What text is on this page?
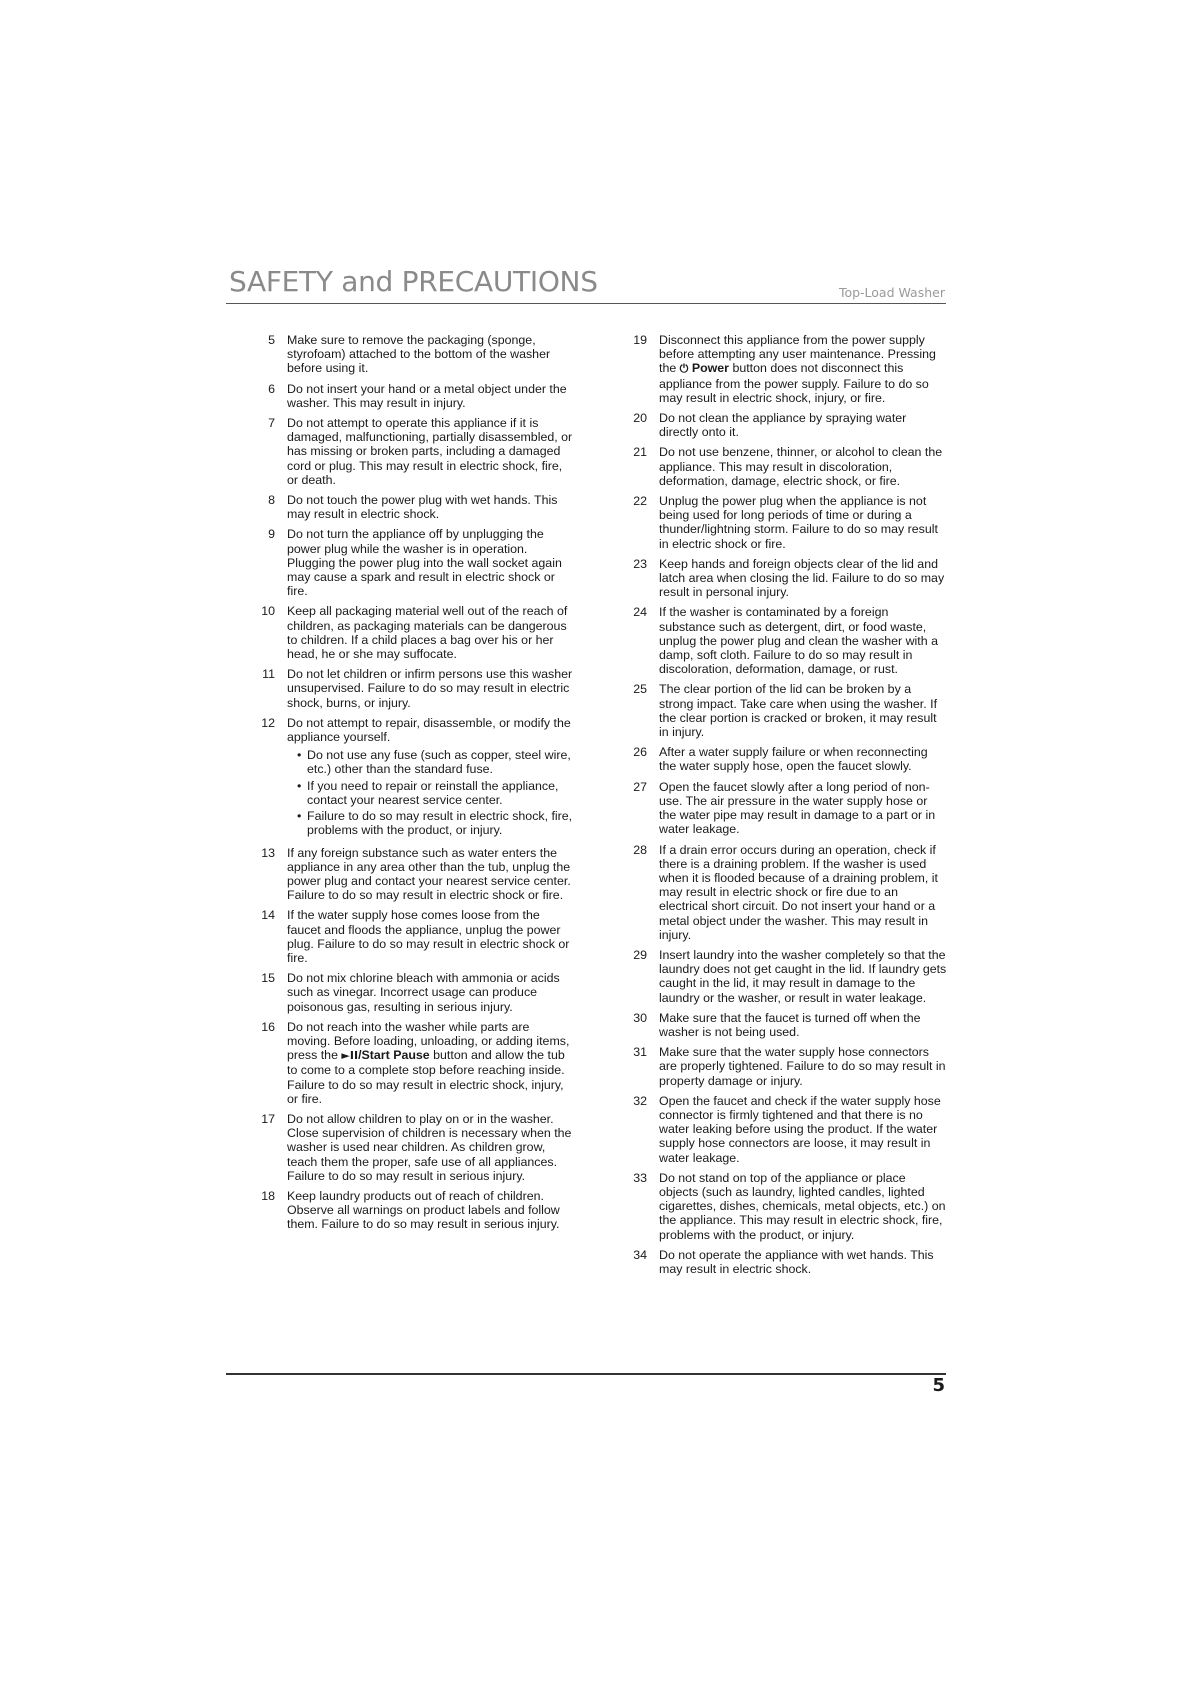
SAFETY and PRECAUTIONS	Top-Load Washer
5 Make sure to remove the packaging (sponge, styrofoam) attached to the bottom of the washer before using it.
6 Do not insert your hand or a metal object under the washer. This may result in injury.
7 Do not attempt to operate this appliance if it is damaged, malfunctioning, partially disassembled, or has missing or broken parts, including a damaged cord or plug. This may result in electric shock, fire, or death.
8 Do not touch the power plug with wet hands. This may result in electric shock.
9 Do not turn the appliance off by unplugging the power plug while the washer is in operation. Plugging the power plug into the wall socket again may cause a spark and result in electric shock or fire.
10 Keep all packaging material well out of the reach of children, as packaging materials can be dangerous to children. If a child places a bag over his or her head, he or she may suffocate.
11 Do not let children or infirm persons use this washer unsupervised. Failure to do so may result in electric shock, burns, or injury.
12 Do not attempt to repair, disassemble, or modify the appliance yourself.
• Do not use any fuse (such as copper, steel wire, etc.) other than the standard fuse.
• If you need to repair or reinstall the appliance, contact your nearest service center.
• Failure to do so may result in electric shock, fire, problems with the product, or injury.
13 If any foreign substance such as water enters the appliance in any area other than the tub, unplug the power plug and contact your nearest service center. Failure to do so may result in electric shock or fire.
14 If the water supply hose comes loose from the faucet and floods the appliance, unplug the power plug. Failure to do so may result in electric shock or fire.
15 Do not mix chlorine bleach with ammonia or acids such as vinegar. Incorrect usage can produce poisonous gas, resulting in serious injury.
16 Do not reach into the washer while parts are moving. Before loading, unloading, or adding items, press the ►II/Start Pause button and allow the tub to come to a complete stop before reaching inside. Failure to do so may result in electric shock, injury, or fire.
17 Do not allow children to play on or in the washer. Close supervision of children is necessary when the washer is used near children. As children grow, teach them the proper, safe use of all appliances. Failure to do so may result in serious injury.
18 Keep laundry products out of reach of children. Observe all warnings on product labels and follow them. Failure to do so may result in serious injury.
19 Disconnect this appliance from the power supply before attempting any user maintenance. Pressing the ⏻ Power button does not disconnect this appliance from the power supply. Failure to do so may result in electric shock, injury, or fire.
20 Do not clean the appliance by spraying water directly onto it.
21 Do not use benzene, thinner, or alcohol to clean the appliance. This may result in discoloration, deformation, damage, electric shock, or fire.
22 Unplug the power plug when the appliance is not being used for long periods of time or during a thunder/lightning storm. Failure to do so may result in electric shock or fire.
23 Keep hands and foreign objects clear of the lid and latch area when closing the lid. Failure to do so may result in personal injury.
24 If the washer is contaminated by a foreign substance such as detergent, dirt, or food waste, unplug the power plug and clean the washer with a damp, soft cloth. Failure to do so may result in discoloration, deformation, damage, or rust.
25 The clear portion of the lid can be broken by a strong impact. Take care when using the washer. If the clear portion is cracked or broken, it may result in injury.
26 After a water supply failure or when reconnecting the water supply hose, open the faucet slowly.
27 Open the faucet slowly after a long period of non-use. The air pressure in the water supply hose or the water pipe may result in damage to a part or in water leakage.
28 If a drain error occurs during an operation, check if there is a draining problem. If the washer is used when it is flooded because of a draining problem, it may result in electric shock or fire due to an electrical short circuit. Do not insert your hand or a metal object under the washer. This may result in injury.
29 Insert laundry into the washer completely so that the laundry does not get caught in the lid. If laundry gets caught in the lid, it may result in damage to the laundry or the washer, or result in water leakage.
30 Make sure that the faucet is turned off when the washer is not being used.
31 Make sure that the water supply hose connectors are properly tightened. Failure to do so may result in property damage or injury.
32 Open the faucet and check if the water supply hose connector is firmly tightened and that there is no water leaking before using the product. If the water supply hose connectors are loose, it may result in water leakage.
33 Do not stand on top of the appliance or place objects (such as laundry, lighted candles, lighted cigarettes, dishes, chemicals, metal objects, etc.) on the appliance. This may result in electric shock, fire, problems with the product, or injury.
34 Do not operate the appliance with wet hands. This may result in electric shock.
5
